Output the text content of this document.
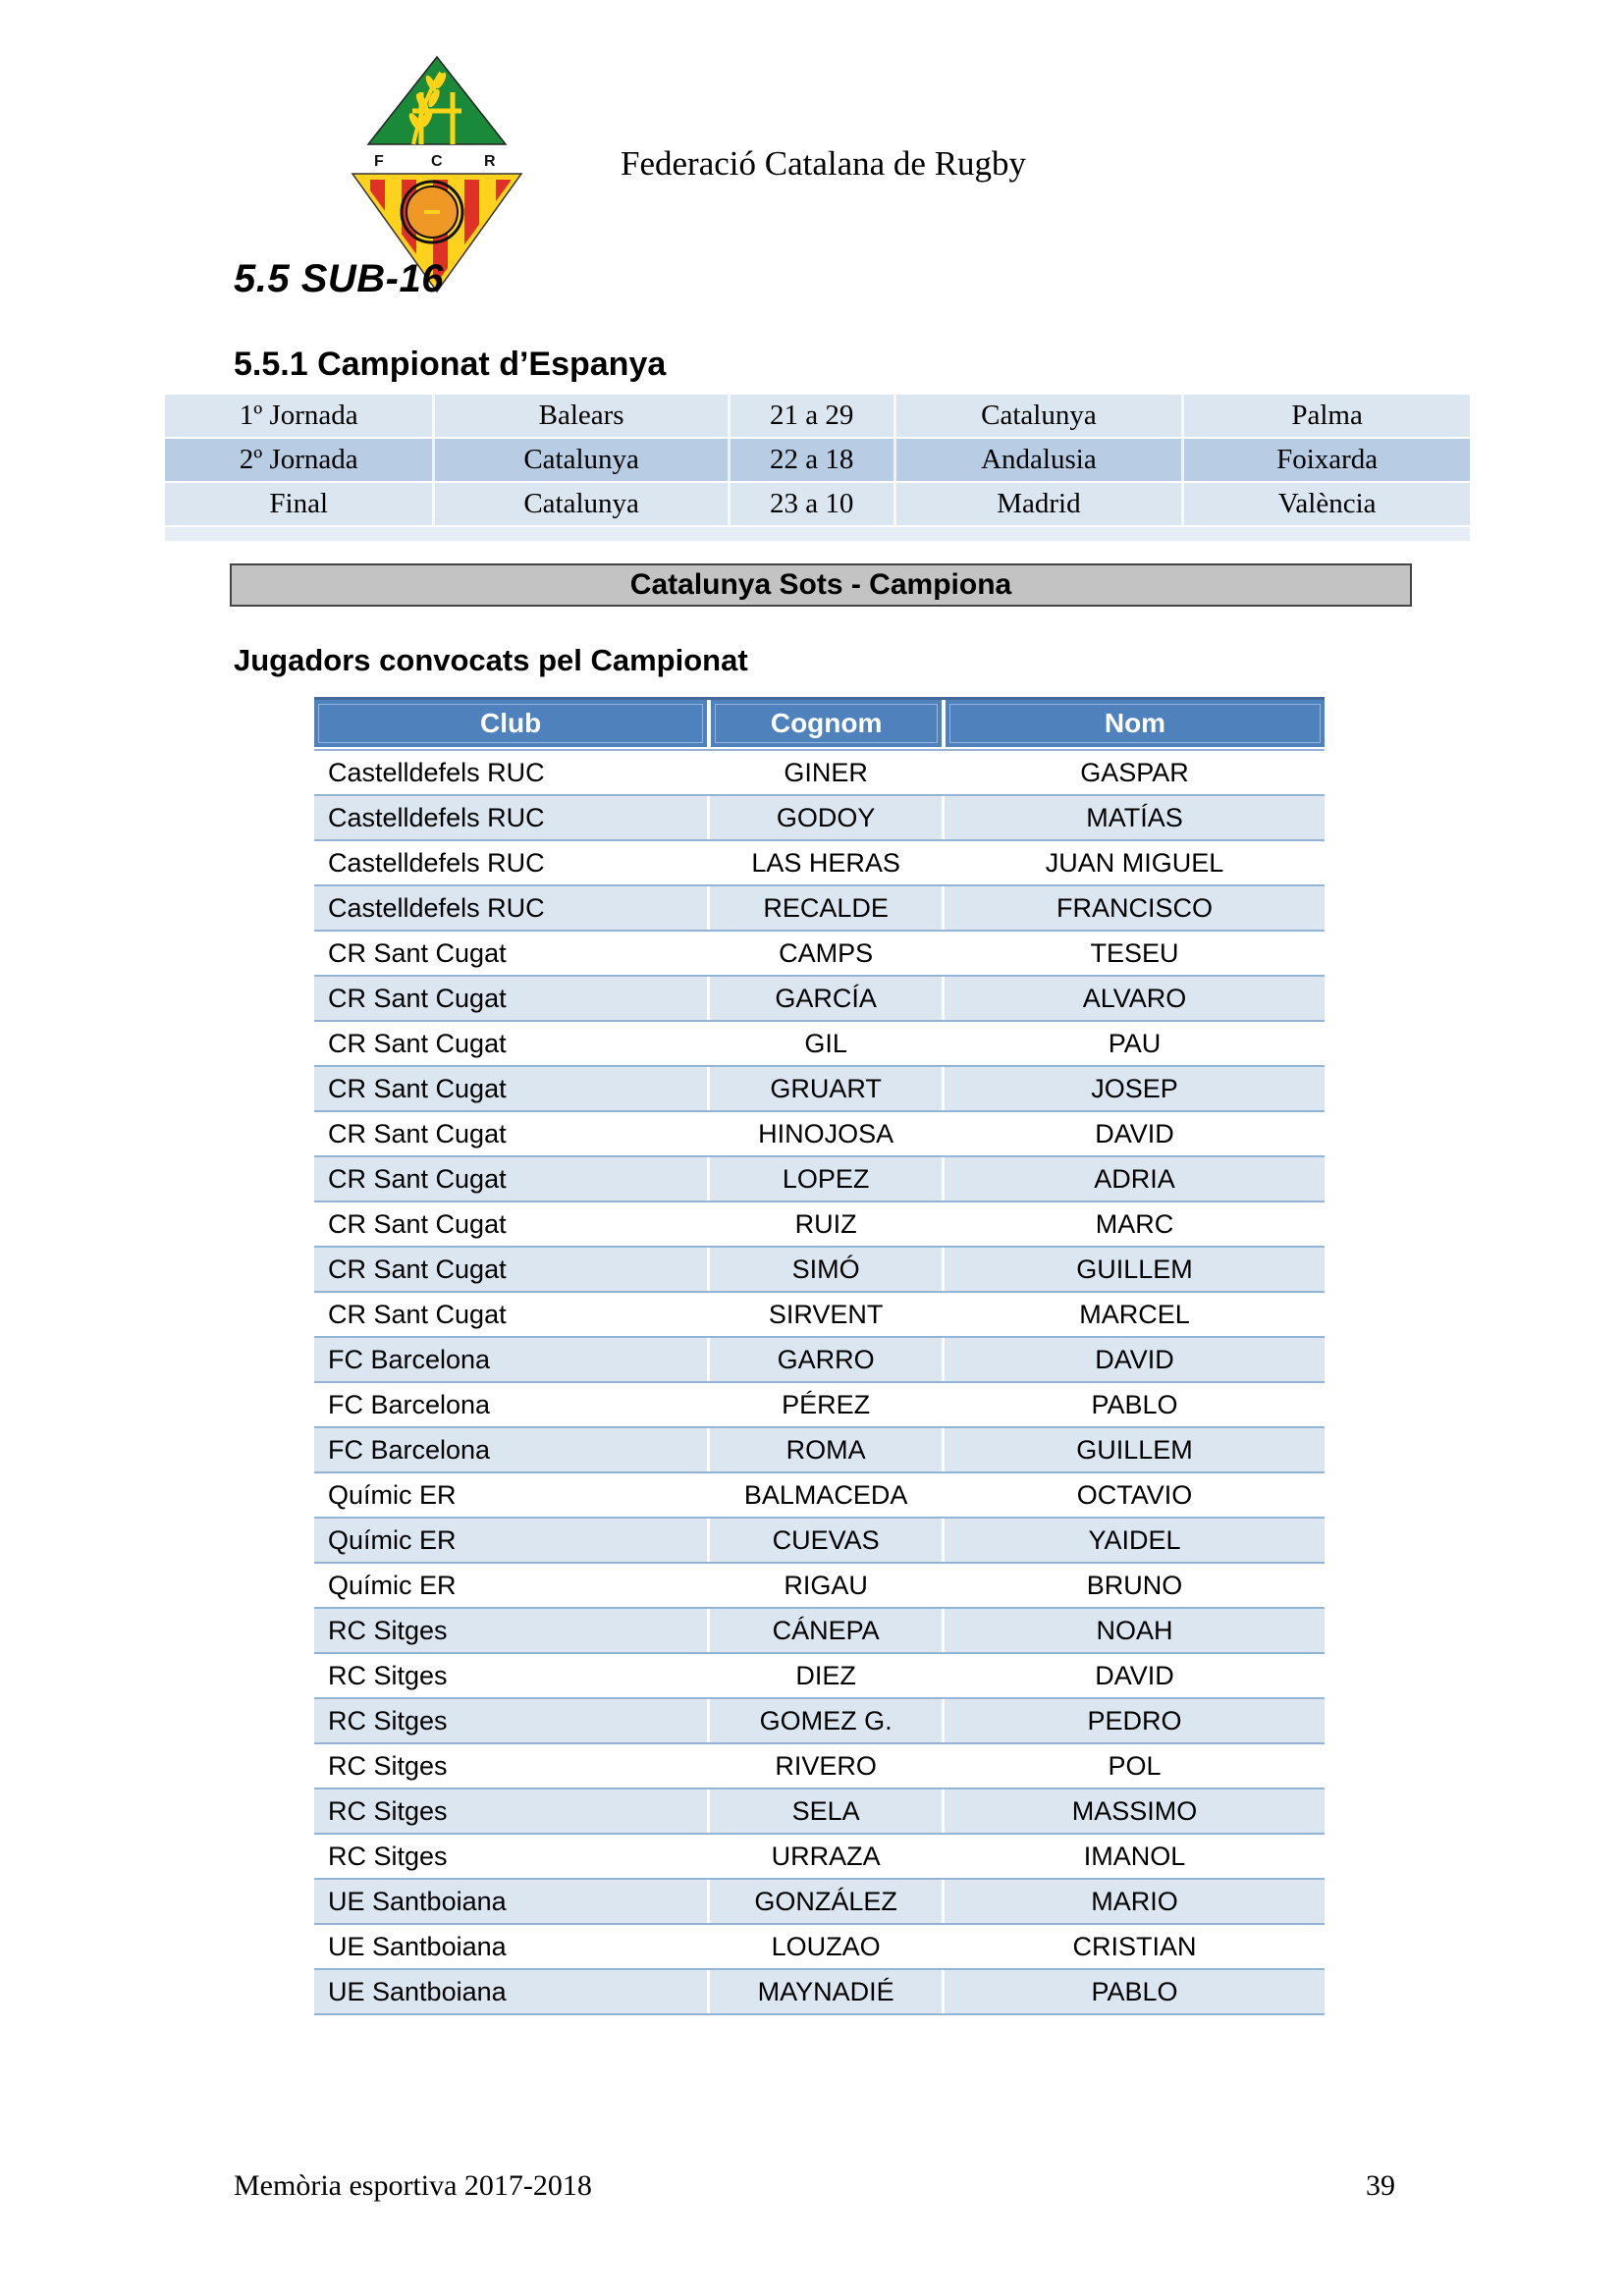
F	C	R	Federació Catalana de Rugby
5.5 SUB-16
5.5.1 Campionat d’Espanya
1º Jornada	Balears	21 a 29	Catalunya	Palma
2º Jornada	Catalunya	22 a 18	Andalusia	Foixarda
Final	Catalunya	23 a 10	Madrid	València
Catalunya Sots - Campiona
Jugadors convocats pel Campionat
Club	Cognom	Nom
Castelldefels RUC	GINER	GASPAR
Castelldefels RUC	GODOY	MATÍAS
Castelldefels RUC	LAS HERAS	JUAN MIGUEL
Castelldefels RUC	RECALDE	FRANCISCO
CR Sant Cugat	CAMPS	TESEU
CR Sant Cugat	GARCÍA	ALVARO
CR Sant Cugat	GIL	PAU
CR Sant Cugat	GRUART	JOSEP
CR Sant Cugat	HINOJOSA	DAVID
CR Sant Cugat	LOPEZ	ADRIA
CR Sant Cugat	RUIZ	MARC
CR Sant Cugat	SIMÓ	GUILLEM
CR Sant Cugat	SIRVENT	MARCEL
FC Barcelona	GARRO	DAVID
FC Barcelona	PÉREZ	PABLO
FC Barcelona	ROMA	GUILLEM
Químic ER	BALMACEDA	OCTAVIO
Químic ER	CUEVAS	YAIDEL
Químic ER	RIGAU	BRUNO
RC Sitges	CÁNEPA	NOAH
RC Sitges	DIEZ	DAVID
RC Sitges	GOMEZ G.	PEDRO
RC Sitges	RIVERO	POL
RC Sitges	SELA	MASSIMO
RC Sitges	URRAZA	IMANOL
UE Santboiana	GONZÁLEZ	MARIO
UE Santboiana	LOUZAO	CRISTIAN
UE Santboiana	MAYNADIÉ	PABLO
Memòria esportiva 2017-2018	39
